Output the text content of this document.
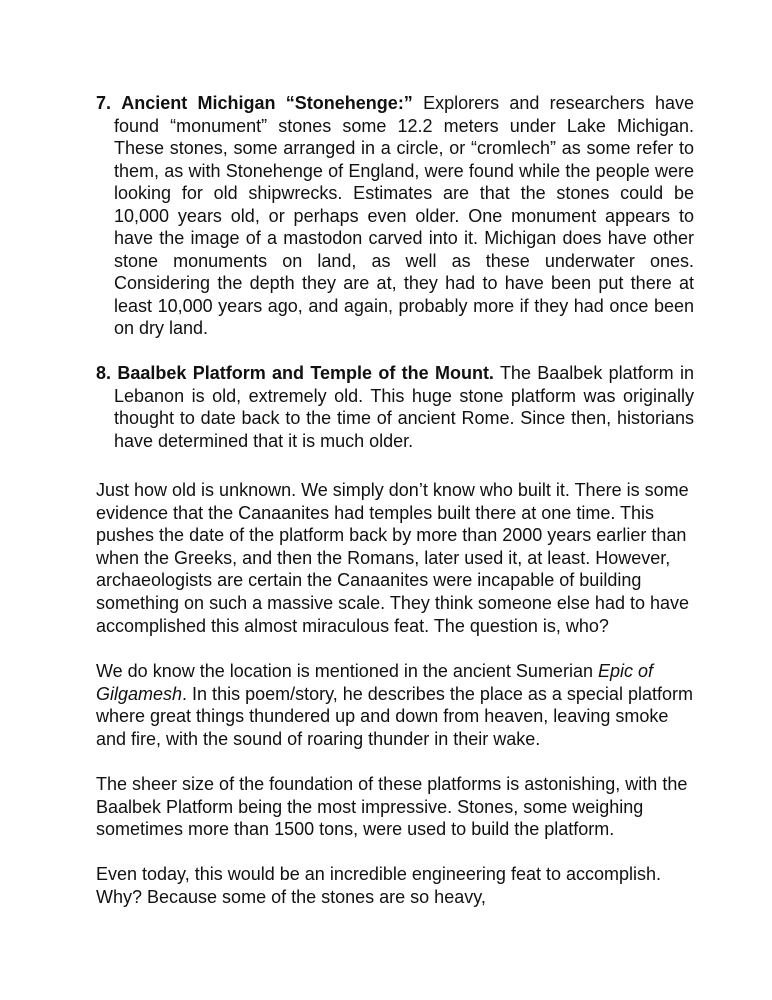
7. Ancient Michigan “Stonehenge:” Explorers and researchers have found “monument” stones some 12.2 meters under Lake Michigan. These stones, some arranged in a circle, or “cromlech” as some refer to them, as with Stonehenge of England, were found while the people were looking for old shipwrecks. Estimates are that the stones could be 10,000 years old, or perhaps even older. One monument appears to have the image of a mastodon carved into it. Michigan does have other stone monuments on land, as well as these underwater ones. Considering the depth they are at, they had to have been put there at least 10,000 years ago, and again, probably more if they had once been on dry land.

8. Baalbek Platform and Temple of the Mount. The Baalbek platform in Lebanon is old, extremely old. This huge stone platform was originally thought to date back to the time of ancient Rome. Since then, historians have determined that it is much older.

Just how old is unknown. We simply don’t know who built it. There is some evidence that the Canaanites had temples built there at one time. This pushes the date of the platform back by more than 2000 years earlier than when the Greeks, and then the Romans, later used it, at least. However, archaeologists are certain the Canaanites were incapable of building something on such a massive scale. They think someone else had to have accomplished this almost miraculous feat. The question is, who?

We do know the location is mentioned in the ancient Sumerian Epic of Gilgamesh. In this poem/story, he describes the place as a special platform where great things thundered up and down from heaven, leaving smoke and fire, with the sound of roaring thunder in their wake.

The sheer size of the foundation of these platforms is astonishing, with the Baalbek Platform being the most impressive. Stones, some weighing sometimes more than 1500 tons, were used to build the platform.

Even today, this would be an incredible engineering feat to accomplish. Why? Because some of the stones are so heavy,
